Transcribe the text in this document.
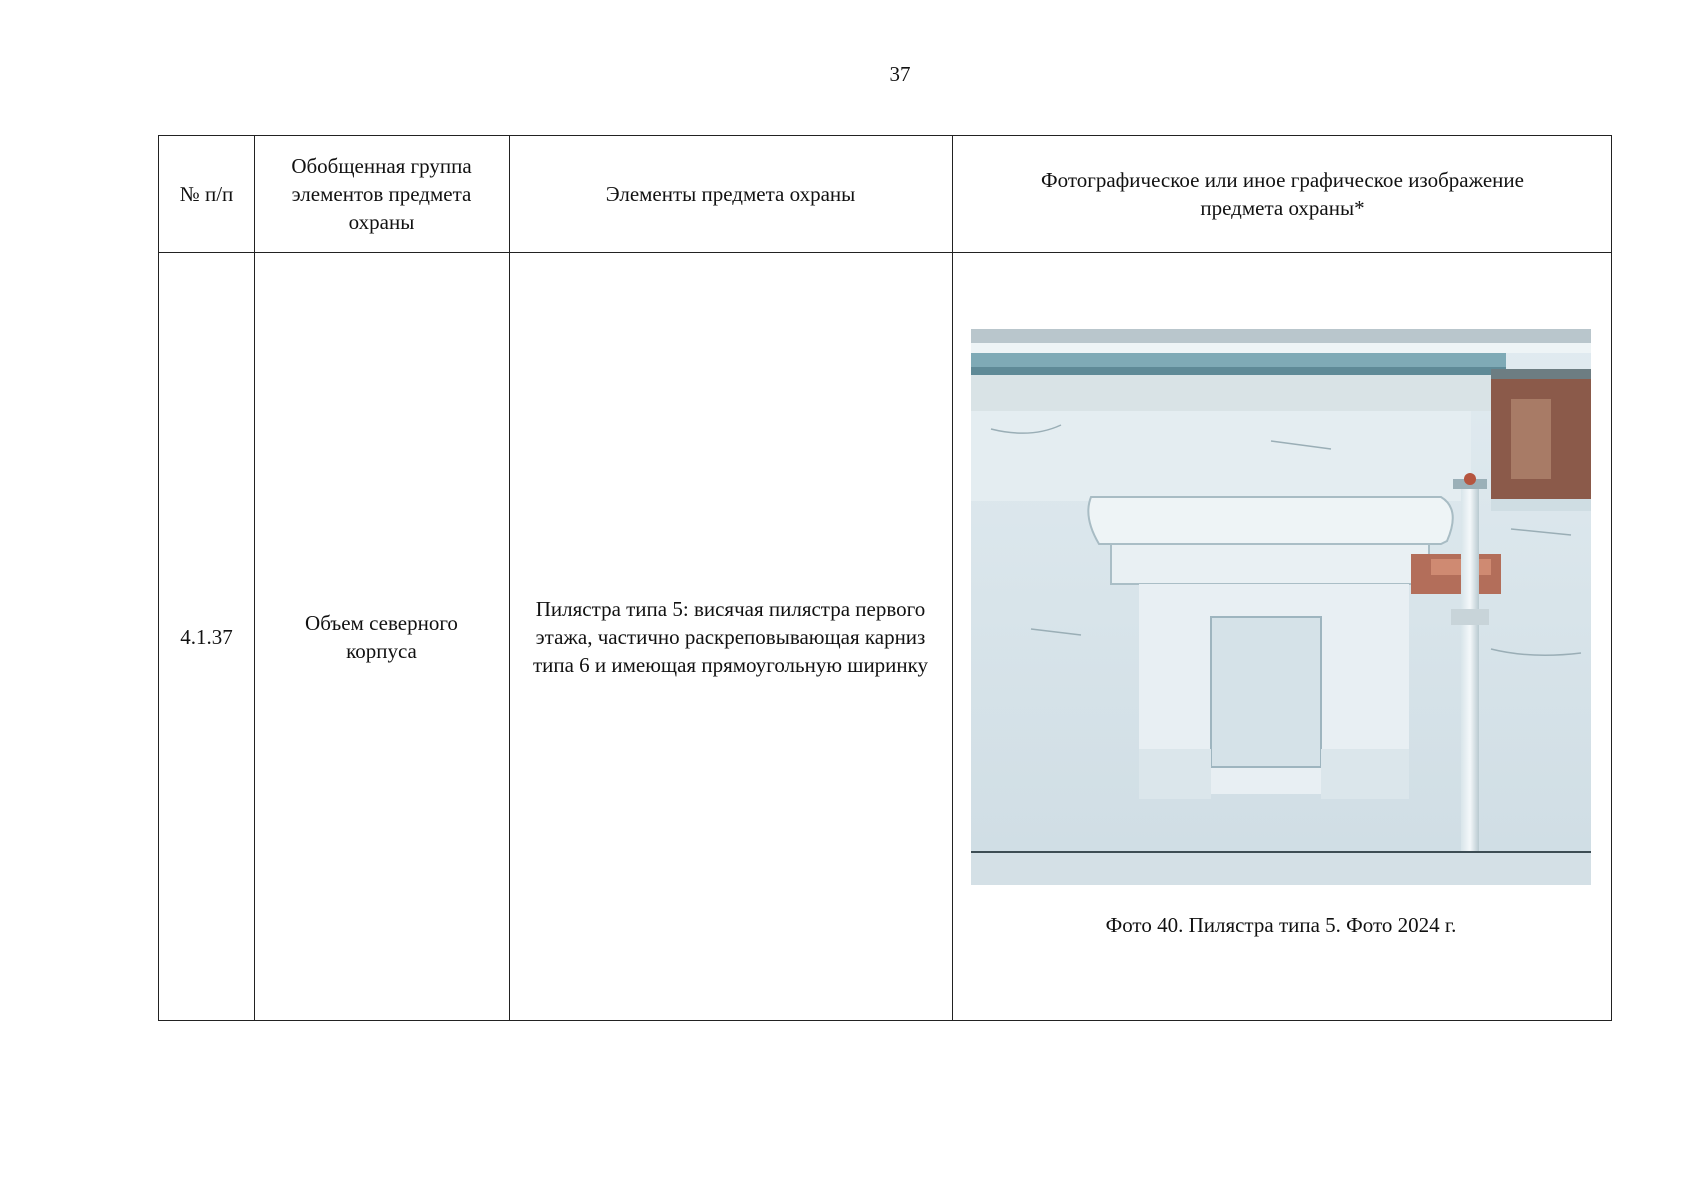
37
№ п/п
Обобщенная группа элементов предмета охраны
Элементы предмета охраны
Фотографическое или иное графическое изображение предмета охраны*
4.1.37
Объем северного корпуса
Пилястра типа 5: висячая пилястра первого этажа, частично раскреповывающая карниз типа 6 и имеющая прямоугольную ширинку
Фото 40. Пилястра типа 5. Фото 2024 г.
